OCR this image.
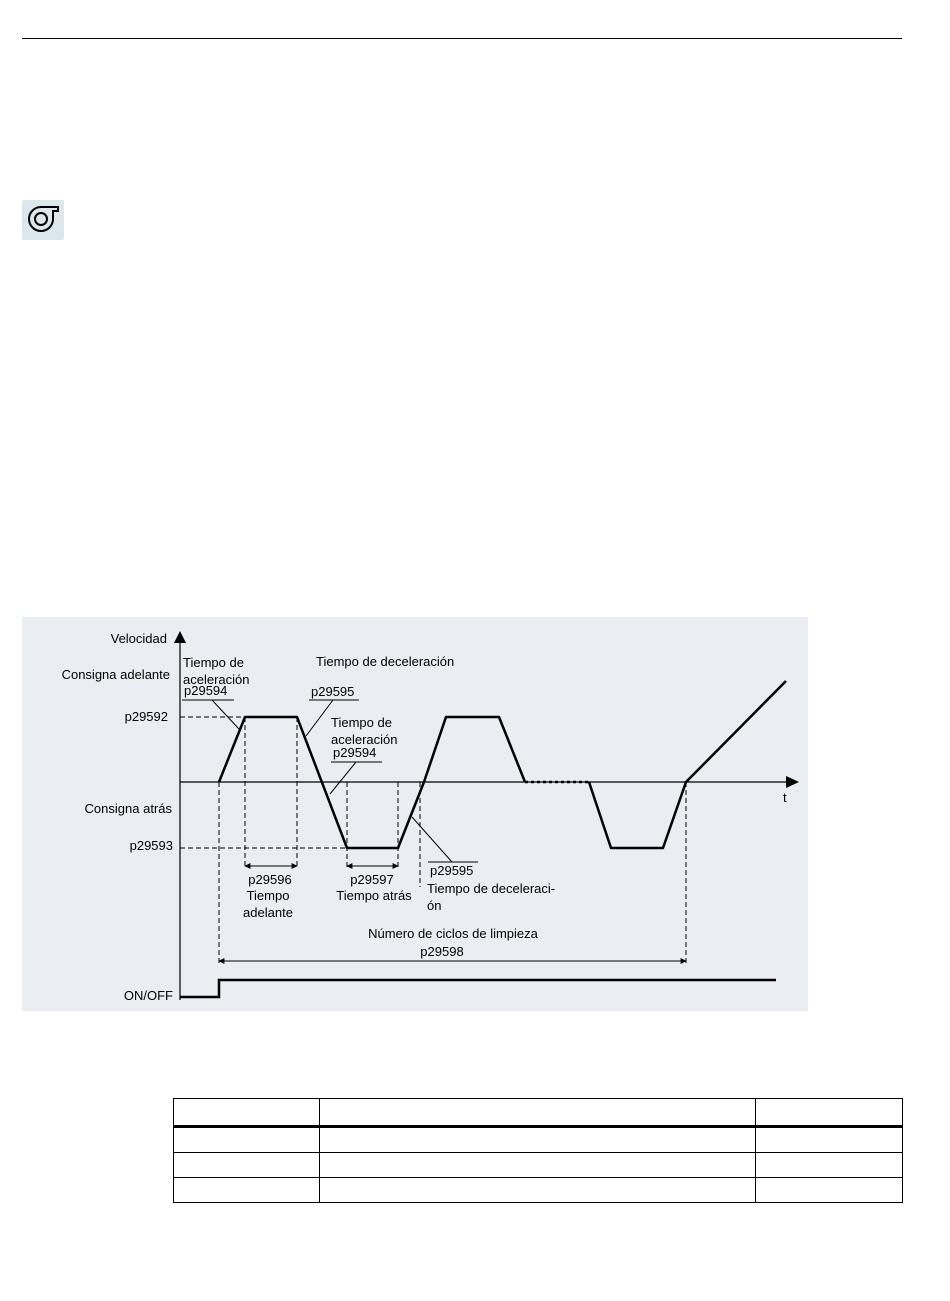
Velocidad
t
Consigna adelante
p29592
Consigna atrás
p29593
Tiempo de
aceleración
p29594
Tiempo de deceleración
p29595
Tiempo de
aceleración
p29594
p29595
Tiempo de deceleraci-
ón
p29596
Tiempo
adelante
p29597
Tiempo atrás
Número de ciclos de limpieza
p29598
ON/OFF
